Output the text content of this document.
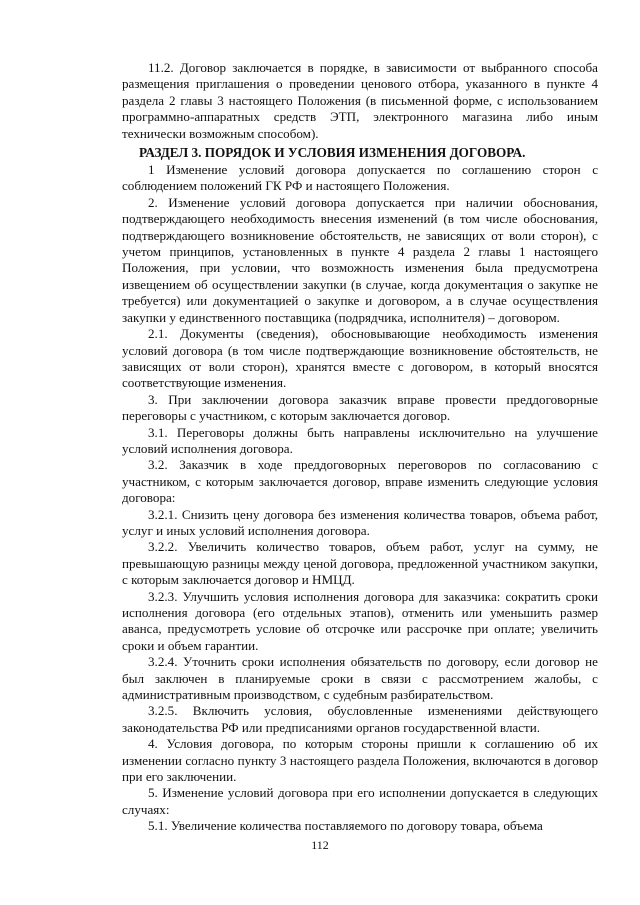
11.2. Договор заключается в порядке, в зависимости от выбранного способа размещения приглашения о проведении ценового отбора, указанного в пункте 4 раздела 2 главы 3 настоящего Положения (в письменной форме, с использованием программно-аппаратных средств ЭТП, электронного магазина либо иным технически возможным способом).

РАЗДЕЛ 3. ПОРЯДОК И УСЛОВИЯ ИЗМЕНЕНИЯ ДОГОВОРА.

1 Изменение условий договора допускается по соглашению сторон с соблюдением положений ГК РФ и настоящего Положения.

2. Изменение условий договора допускается при наличии обоснования, подтверждающего необходимость внесения изменений (в том числе обоснования, подтверждающего возникновение обстоятельств, не зависящих от воли сторон), с учетом принципов, установленных в пункте 4 раздела 2 главы 1 настоящего Положения, при условии, что возможность изменения была предусмотрена извещением об осуществлении закупки (в случае, когда документация о закупке не требуется) или документацией о закупке и договором, а в случае осуществления закупки у единственного поставщика (подрядчика, исполнителя) – договором.

2.1. Документы (сведения), обосновывающие необходимость изменения условий договора (в том числе подтверждающие возникновение обстоятельств, не зависящих от воли сторон), хранятся вместе с договором, в который вносятся соответствующие изменения.

3. При заключении договора заказчик вправе провести преддоговорные переговоры с участником, с которым заключается договор.

3.1. Переговоры должны быть направлены исключительно на улучшение условий исполнения договора.

3.2. Заказчик в ходе преддоговорных переговоров по согласованию с участником, с которым заключается договор, вправе изменить следующие условия договора:

3.2.1. Снизить цену договора без изменения количества товаров, объема работ, услуг и иных условий исполнения договора.

3.2.2. Увеличить количество товаров, объем работ, услуг на сумму, не превышающую разницы между ценой договора, предложенной участником закупки, с которым заключается договор и НМЦД.

3.2.3. Улучшить условия исполнения договора для заказчика: сократить сроки исполнения договора (его отдельных этапов), отменить или уменьшить размер аванса, предусмотреть условие об отсрочке или рассрочке при оплате; увеличить сроки и объем гарантии.

3.2.4. Уточнить сроки исполнения обязательств по договору, если договор не был заключен в планируемые сроки в связи с рассмотрением жалобы, с административным производством, с судебным разбирательством.

3.2.5. Включить условия, обусловленные изменениями действующего законодательства РФ или предписаниями органов государственной власти.

4. Условия договора, по которым стороны пришли к соглашению об их изменении согласно пункту 3 настоящего раздела Положения, включаются в договор при его заключении.

5. Изменение условий договора при его исполнении допускается в следующих случаях:

5.1. Увеличение количества поставляемого по договору товара, объема

112
